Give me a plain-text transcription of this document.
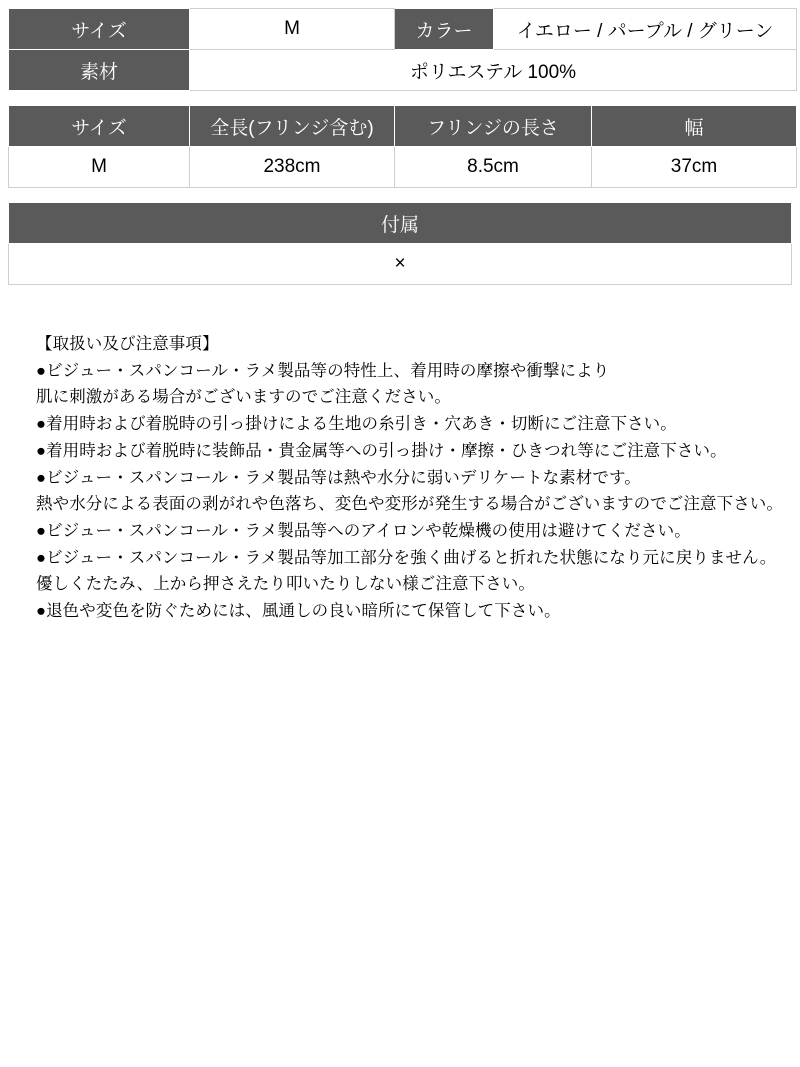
サイズ	M	カラー	イエロー / パープル / グリーン
素材	ポリエステル 100%		
サイズ	全長(フリンジ含む)	フリンジの長さ	幅
M	238cm	8.5cm	37cm
付属
×
【取扱い及び注意事項】
●ビジュー・スパンコール・ラメ製品等の特性上、着用時の摩擦や衝撃により
肌に刺激がある場合がございますのでご注意ください。
●着用時および着脱時の引っ掛けによる生地の糸引き・穴あき・切断にご注意下さい。
●着用時および着脱時に装飾品・貴金属等への引っ掛け・摩擦・ひきつれ等にご注意下さい。
●ビジュー・スパンコール・ラメ製品等は熱や水分に弱いデリケートな素材です。
熱や水分による表面の剥がれや色落ち、変色や変形が発生する場合がございますのでご注意下さい。
●ビジュー・スパンコール・ラメ製品等へのアイロンや乾燥機の使用は避けてください。
●ビジュー・スパンコール・ラメ製品等加工部分を強く曲げると折れた状態になり元に戻りません。
優しくたたみ、上から押さえたり叩いたりしない様ご注意下さい。
●退色や変色を防ぐためには、風通しの良い暗所にて保管して下さい。
